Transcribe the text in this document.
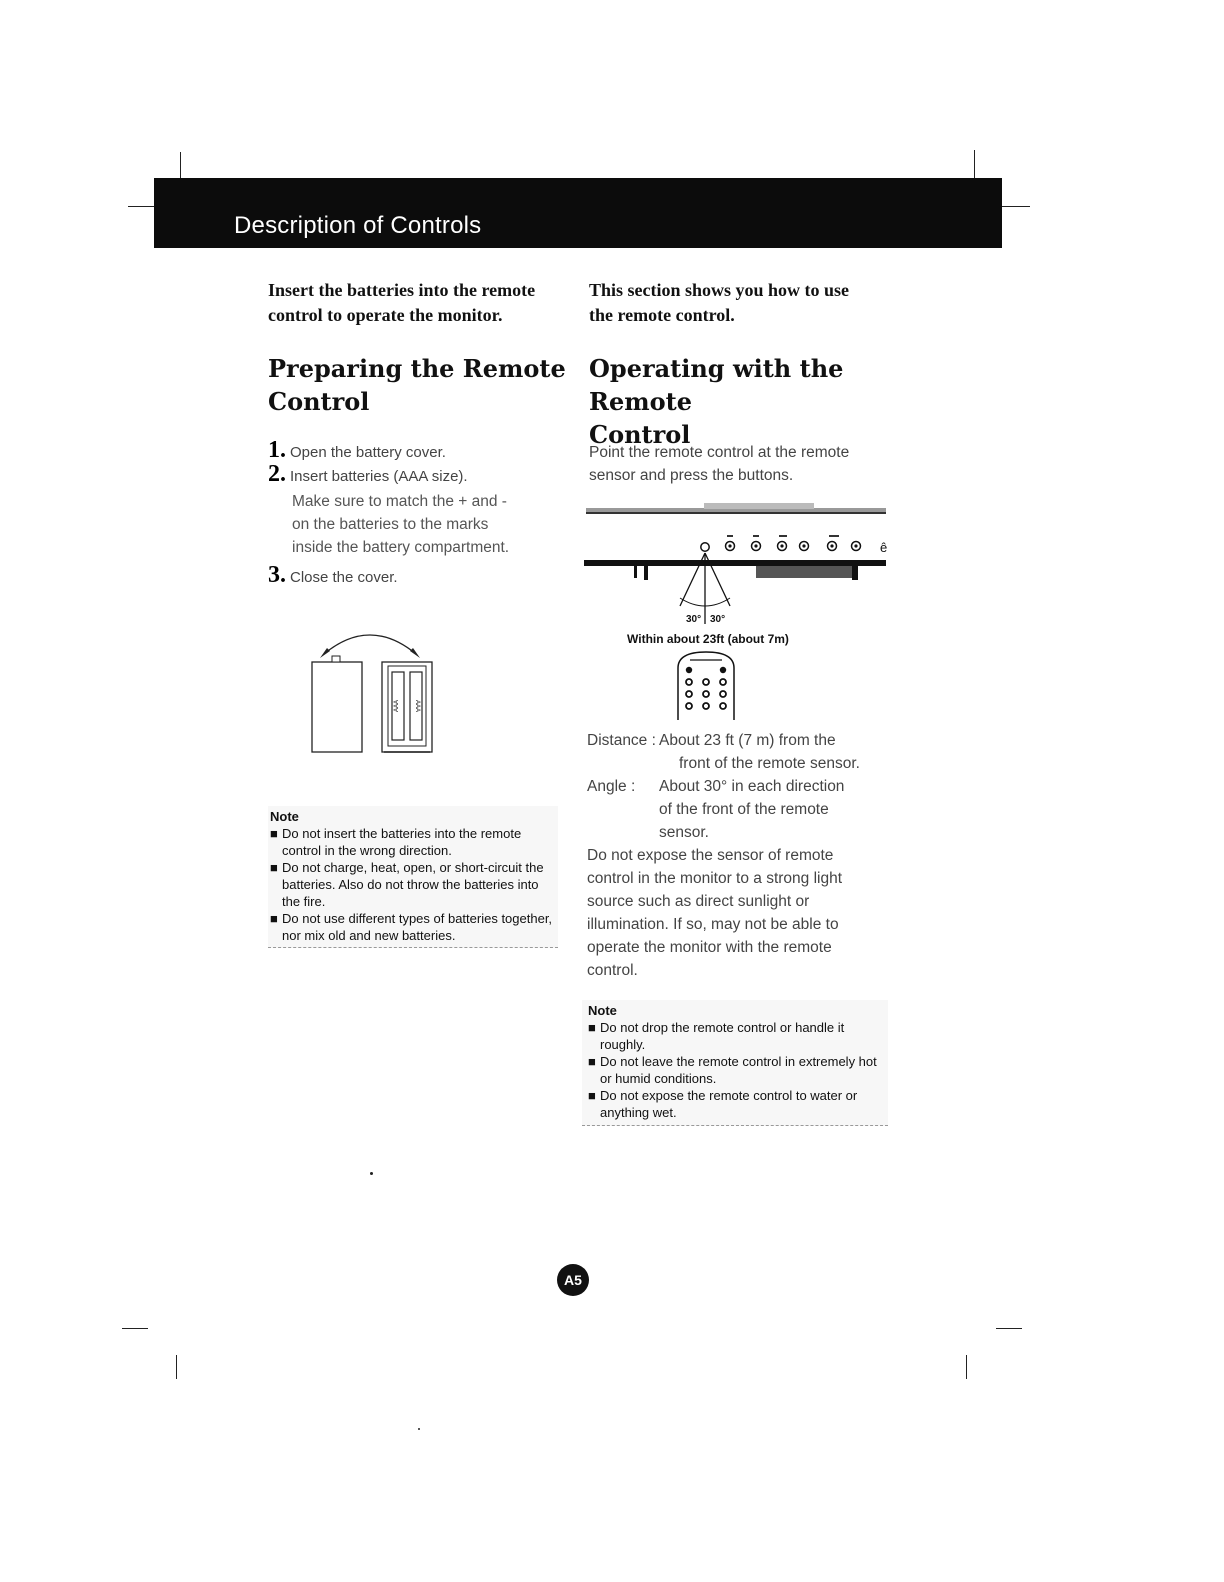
Description of Controls
Insert the batteries into the remote
control to operate the monitor.
Preparing the Remote
Control
1. Open the battery cover.
2. Insert batteries (AAA size).
Make sure to match the + and -
on the batteries to the marks
inside the battery compartment.
3. Close the cover.
AAA AAA
Note
■ Do not insert the batteries into the remote control in the wrong direction.
■ Do not charge, heat, open, or short-circuit the batteries. Also do not throw the batteries into the fire.
■ Do not use different types of batteries together, nor mix old and new batteries.
This section shows you how to use
the remote control.
Operating with the Remote
Control
Point the remote control at the remote
sensor and press the buttons.
ê
30° 30°
Within about 23ft (about 7m)
Distance : About 23 ft (7 m) from the
front of the remote sensor.
Angle :	About 30° in each direction
of the front of the remote
sensor.
Do not expose the sensor of remote
control in the monitor to a strong light
source such as direct sunlight or
illumination. If so, may not be able to
operate the monitor with the remote
control.
Note
■ Do not drop the remote control or handle it roughly.
■ Do not leave the remote control in extremely hot or humid conditions.
■ Do not expose the remote control to water or anything wet.
A5
